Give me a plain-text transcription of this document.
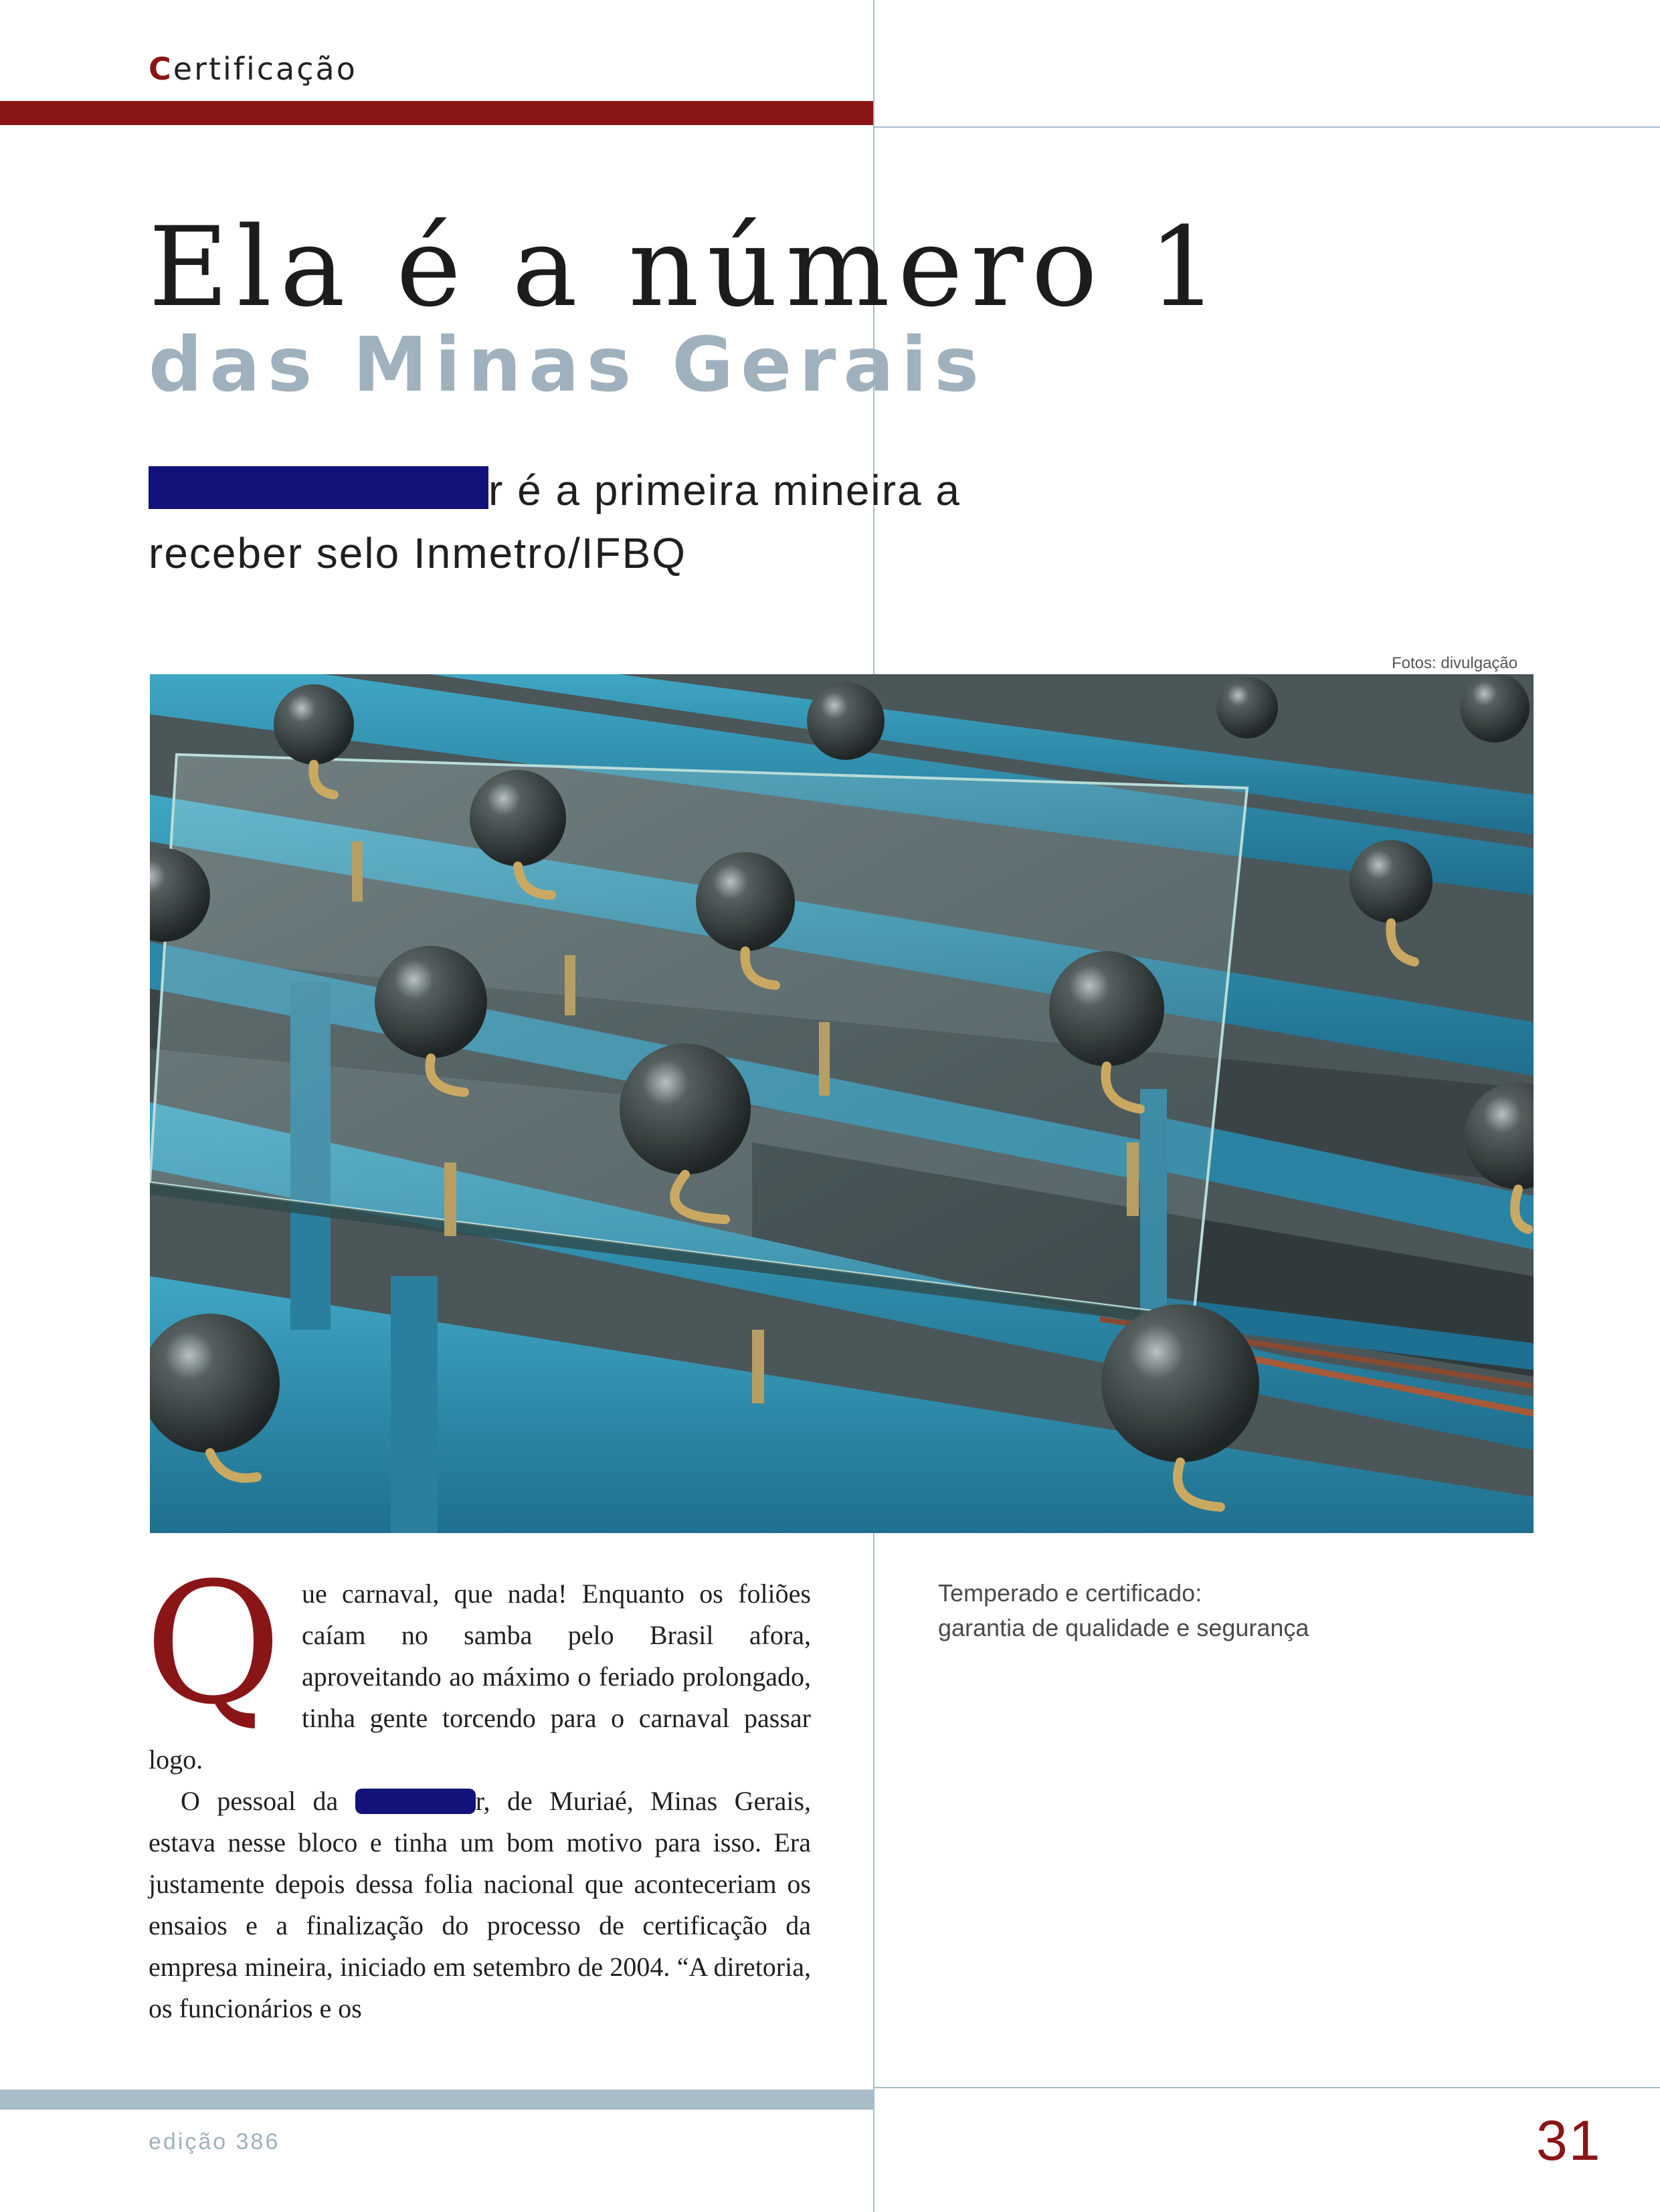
Certificação
Ela é a número 1
das Minas Gerais
r é a primeira mineira a
receber selo Inmetro/IFBQ
Fotos: divulgação
Temperado e certificado:
garantia de qualidade e segurança

Que carnaval, que nada! Enquanto os foliões caíam no samba pelo Brasil afora, aproveitando ao máximo o feriado prolongado, tinha gente torcendo para o carnaval passar logo.

O pessoal da	r, de Muriaé, Minas Gerais, estava nesse bloco e tinha um bom motivo para isso. Era justamente depois dessa folia nacional que aconteceriam os ensaios e a finalização do processo de certificação da empresa mineira, iniciado em setembro de 2004. “A diretoria, os funcionários e os

edição 386	31
